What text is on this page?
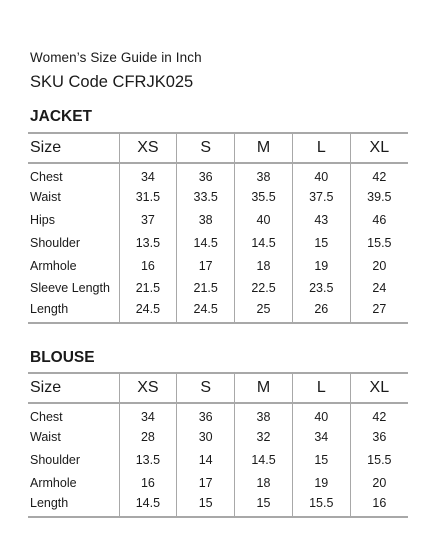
Women’s Size Guide in Inch
SKU Code CFRJK025
JACKET
Size	XS	S	M	L	XL
Chest	34	36	38	40	42
Waist	31.5	33.5	35.5	37.5	39.5
Hips	37	38	40	43	46
Shoulder	13.5	14.5	14.5	15	15.5
Armhole	16	17	18	19	20
Sleeve Length	21.5	21.5	22.5	23.5	24
Length	24.5	24.5	25	26	27
BLOUSE
Size	XS	S	M	L	XL
Chest	34	36	38	40	42
Waist	28	30	32	34	36
Shoulder	13.5	14	14.5	15	15.5
Armhole	16	17	18	19	20
Length	14.5	15	15	15.5	16
